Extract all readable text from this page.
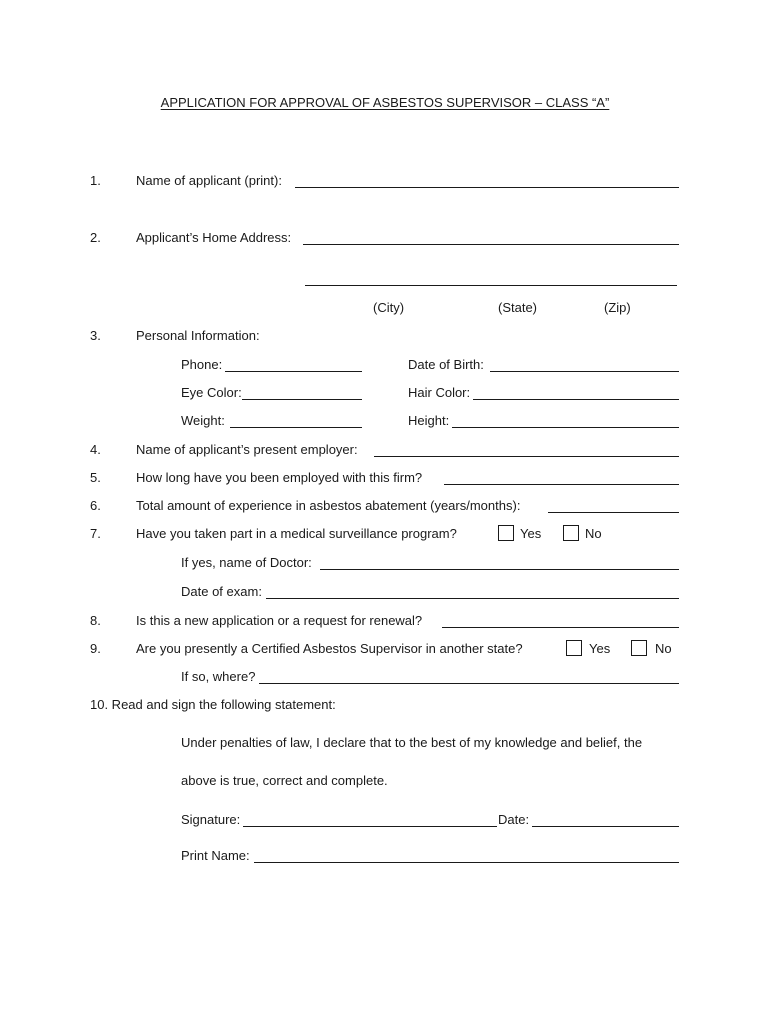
APPLICATION FOR APPROVAL OF ASBESTOS SUPERVISOR – CLASS “A”
1.	Name of applicant (print):
2.	Applicant’s Home Address:
(City)	(State)	(Zip)
3.	Personal Information:
Phone:	Date of Birth:
Eye Color:	Hair Color:
Weight:	Height:
4.	Name of applicant’s present employer:
5.	How long have you been employed with this firm?
6.	Total amount of experience in asbestos abatement (years/months):
7.	Have you taken part in a medical surveillance program?	Yes	No
If yes, name of Doctor:
Date of exam:
8.	Is this a new application or a request for renewal?
9.	Are you presently a Certified Asbestos Supervisor in another state?	Yes	No
If so, where?
10. Read and sign the following statement:
Under penalties of law, I declare that to the best of my knowledge and belief, the
above is true, correct and complete.
Signature:	Date:
Print Name:
